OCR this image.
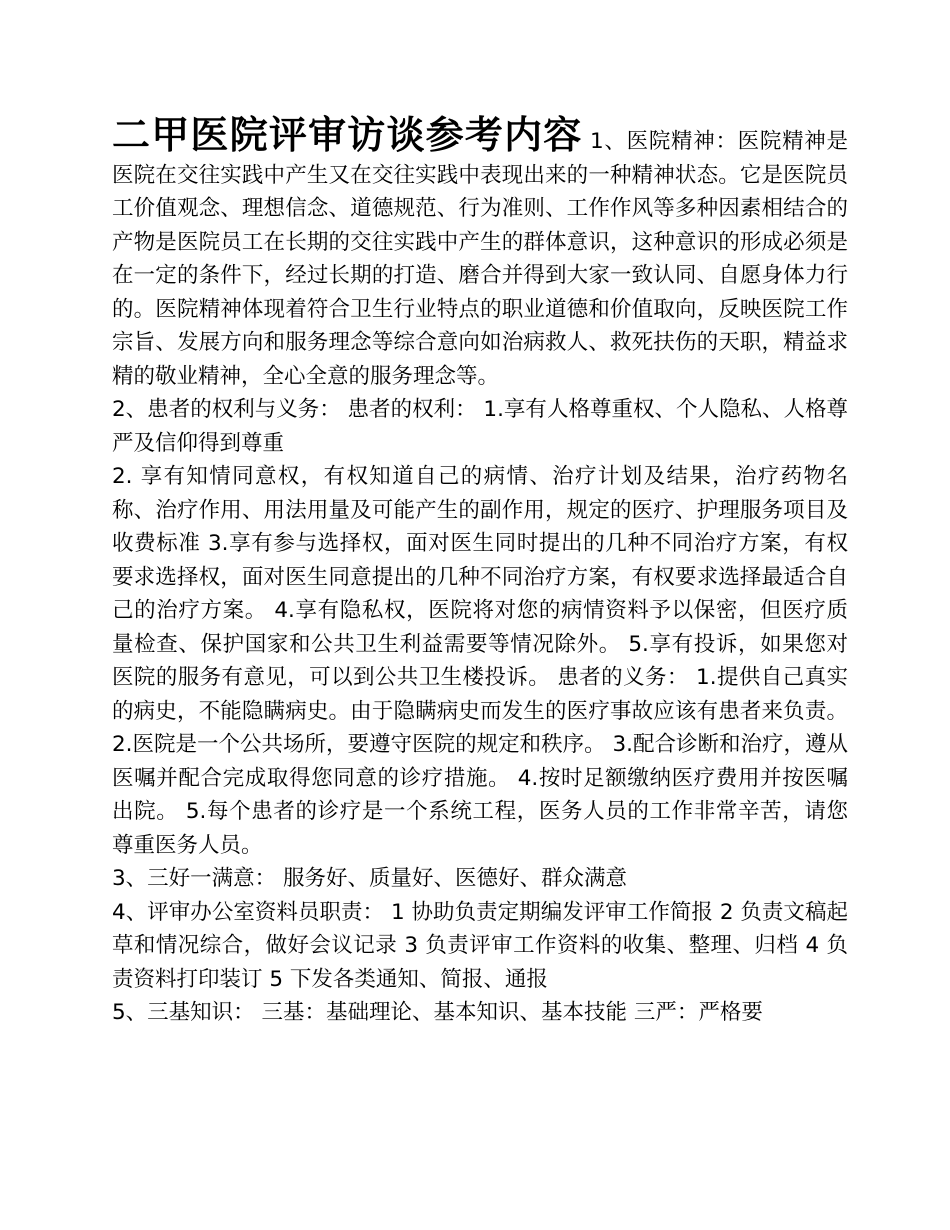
二甲医院评审访谈参考内容 1、医院精神：医院精神是医院在交往实践中产生又在交往实践中表现出来的一种精神状态。它是医院员工价值观念、理想信念、道德规范、行为准则、工作作风等多种因素相结合的产物是医院员工在长期的交往实践中产生的群体意识，这种意识的形成必须是在一定的条件下，经过长期的打造、磨合并得到大家一致认同、自愿身体力行的。医院精神体现着符合卫生行业特点的职业道德和价值取向，反映医院工作宗旨、发展方向和服务理念等综合意向如治病救人、救死扶伤的天职，精益求精的敬业精神，全心全意的服务理念等。

2、患者的权利与义务： 患者的权利： 1.享有人格尊重权、个人隐私、人格尊严及信仰得到尊重

2. 享有知情同意权，有权知道自己的病情、治疗计划及结果，治疗药物名称、治疗作用、用法用量及可能产生的副作用，规定的医疗、护理服务项目及收费标准 3.享有参与选择权，面对医生同时提出的几种不同治疗方案，有权要求选择权，面对医生同意提出的几种不同治疗方案，有权要求选择最适合自己的治疗方案。 4.享有隐私权，医院将对您的病情资料予以保密，但医疗质量检查、保护国家和公共卫生利益需要等情况除外。 5.享有投诉，如果您对医院的服务有意见，可以到公共卫生楼投诉。 患者的义务： 1.提供自己真实的病史，不能隐瞒病史。由于隐瞒病史而发生的医疗事故应该有患者来负责。 2.医院是一个公共场所，要遵守医院的规定和秩序。 3.配合诊断和治疗，遵从医嘱并配合完成取得您同意的诊疗措施。 4.按时足额缴纳医疗费用并按医嘱出院。 5.每个患者的诊疗是一个系统工程，医务人员的工作非常辛苦，请您尊重医务人员。

3、三好一满意： 服务好、质量好、医德好、群众满意

4、评审办公室资料员职责： 1 协助负责定期编发评审工作简报 2 负责文稿起草和情况综合，做好会议记录 3 负责评审工作资料的收集、整理、归档 4 负责资料打印装订 5 下发各类通知、简报、通报

5、三基知识： 三基：基础理论、基本知识、基本技能 三严：严格要
